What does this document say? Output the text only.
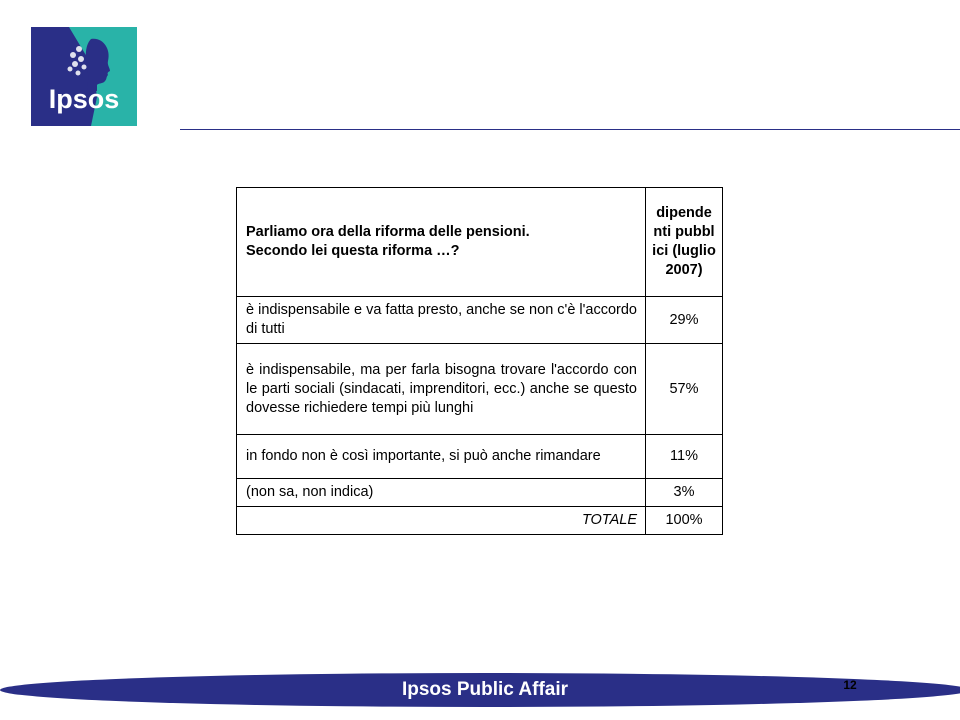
Ipsos
Parliamo ora della riforma delle pensioni.
Secondo lei questa riforma …?	dipendenti pubblici (luglio 2007)
è indispensabile e va fatta presto, anche se non c'è l'accordo di tutti	29%
è indispensabile, ma per farla bisogna trovare l'accordo con le parti sociali (sindacati, imprenditori, ecc.) anche se questo dovesse richiedere tempi più lunghi	57%
in fondo non è così importante, si può anche rimandare	11%
(non sa, non indica)	3%
TOTALE	100%
Ipsos Public Affair	12
